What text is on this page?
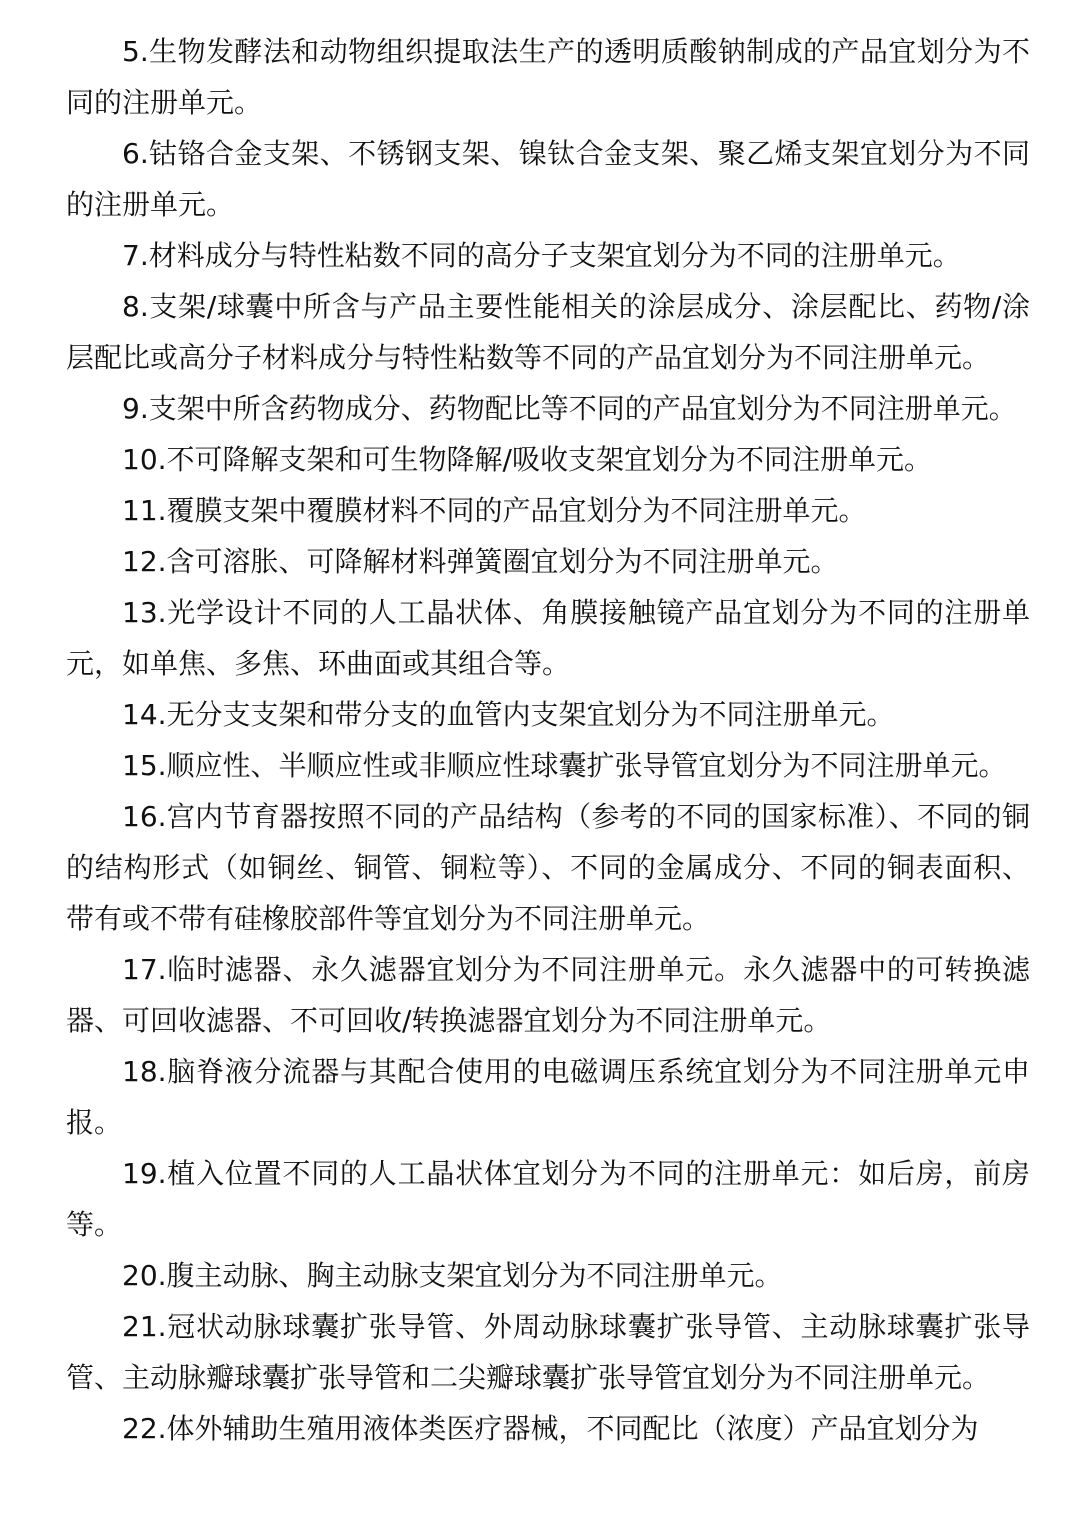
5.生物发酵法和动物组织提取法生产的透明质酸钠制成的产品宜划分为不同的注册单元。

6.钴铬合金支架、不锈钢支架、镍钛合金支架、聚乙烯支架宜划分为不同的注册单元。

7.材料成分与特性粘数不同的高分子支架宜划分为不同的注册单元。

8.支架/球囊中所含与产品主要性能相关的涂层成分、涂层配比、药物/涂层配比或高分子材料成分与特性粘数等不同的产品宜划分为不同注册单元。

9.支架中所含药物成分、药物配比等不同的产品宜划分为不同注册单元。

10.不可降解支架和可生物降解/吸收支架宜划分为不同注册单元。

11.覆膜支架中覆膜材料不同的产品宜划分为不同注册单元。

12.含可溶胀、可降解材料弹簧圈宜划分为不同注册单元。

13.光学设计不同的人工晶状体、角膜接触镜产品宜划分为不同的注册单元，如单焦、多焦、环曲面或其组合等。

14.无分支支架和带分支的血管内支架宜划分为不同注册单元。

15.顺应性、半顺应性或非顺应性球囊扩张导管宜划分为不同注册单元。

16.宫内节育器按照不同的产品结构（参考的不同的国家标准）、不同的铜的结构形式（如铜丝、铜管、铜粒等）、不同的金属成分、不同的铜表面积、带有或不带有硅橡胶部件等宜划分为不同注册单元。

17.临时滤器、永久滤器宜划分为不同注册单元。永久滤器中的可转换滤器、可回收滤器、不可回收/转换滤器宜划分为不同注册单元。

18.脑脊液分流器与其配合使用的电磁调压系统宜划分为不同注册单元申报。

19.植入位置不同的人工晶状体宜划分为不同的注册单元：如后房，前房等。

20.腹主动脉、胸主动脉支架宜划分为不同注册单元。

21.冠状动脉球囊扩张导管、外周动脉球囊扩张导管、主动脉球囊扩张导管、主动脉瓣球囊扩张导管和二尖瓣球囊扩张导管宜划分为不同注册单元。

22.体外辅助生殖用液体类医疗器械，不同配比（浓度）产品宜划分为
